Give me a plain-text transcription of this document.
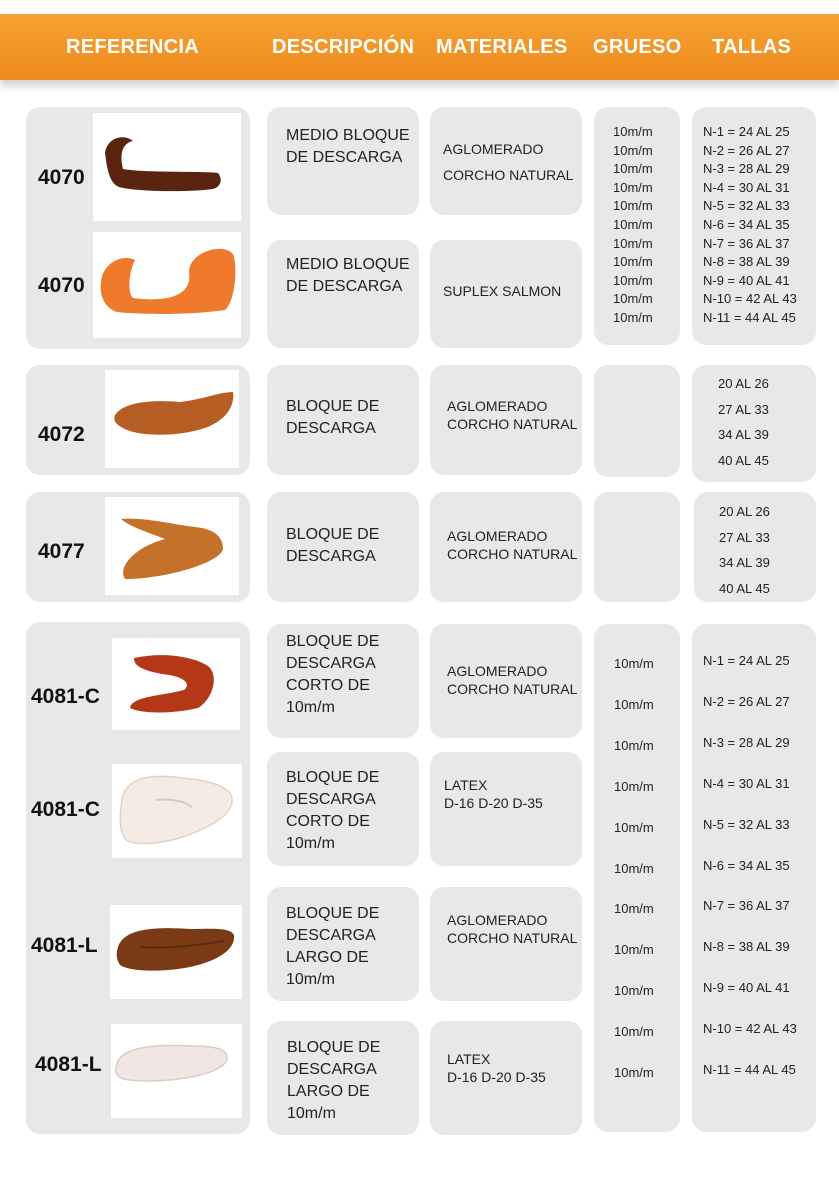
REFERENCIA	DESCRIPCIÓN MATERIALES GRUESO TALLAS
4070
4070
MEDIO BLOQUE
DE DESCARGA
MEDIO BLOQUE
DE DESCARGA
AGLOMERADO
CORCHO NATURAL
SUPLEX SALMON
10m/m
10m/m
10m/m
10m/m
10m/m
10m/m
10m/m
10m/m
10m/m
10m/m
10m/m
N-1 = 24 AL 25
N-2 = 26 AL 27
N-3 = 28 AL 29
N-4 = 30 AL 31
N-5 = 32 AL 33
N-6 = 34 AL 35
N-7 = 36 AL 37
N-8 = 38 AL 39
N-9 = 40 AL 41
N-10 = 42 AL 43
N-11 = 44 AL 45
4072
BLOQUE DE
DESCARGA
AGLOMERADO
CORCHO NATURAL
20 AL 26
27 AL 33
34 AL 39
40 AL 45
4077
BLOQUE DE
DESCARGA
AGLOMERADO
CORCHO NATURAL
20 AL 26
27 AL 33
34 AL 39
40 AL 45
4081-C
4081-C
4081-L
4081-L
BLOQUE DE
DESCARGA
CORTO DE
10m/m
BLOQUE DE
DESCARGA
CORTO DE
10m/m
BLOQUE DE
DESCARGA
LARGO DE
10m/m
BLOQUE DE
DESCARGA
LARGO DE
10m/m
AGLOMERADO
CORCHO NATURAL
LATEX
D-16 D-20 D-35
AGLOMERADO
CORCHO NATURAL
LATEX
D-16 D-20 D-35
10m/m
10m/m
10m/m
10m/m
10m/m
10m/m
10m/m
10m/m
10m/m
10m/m
10m/m
N-1 = 24 AL 25
N-2 = 26 AL 27
N-3 = 28 AL 29
N-4 = 30 AL 31
N-5 = 32 AL 33
N-6 = 34 AL 35
N-7 = 36 AL 37
N-8 = 38 AL 39
N-9 = 40 AL 41
N-10 = 42 AL 43
N-11 = 44 AL 45
